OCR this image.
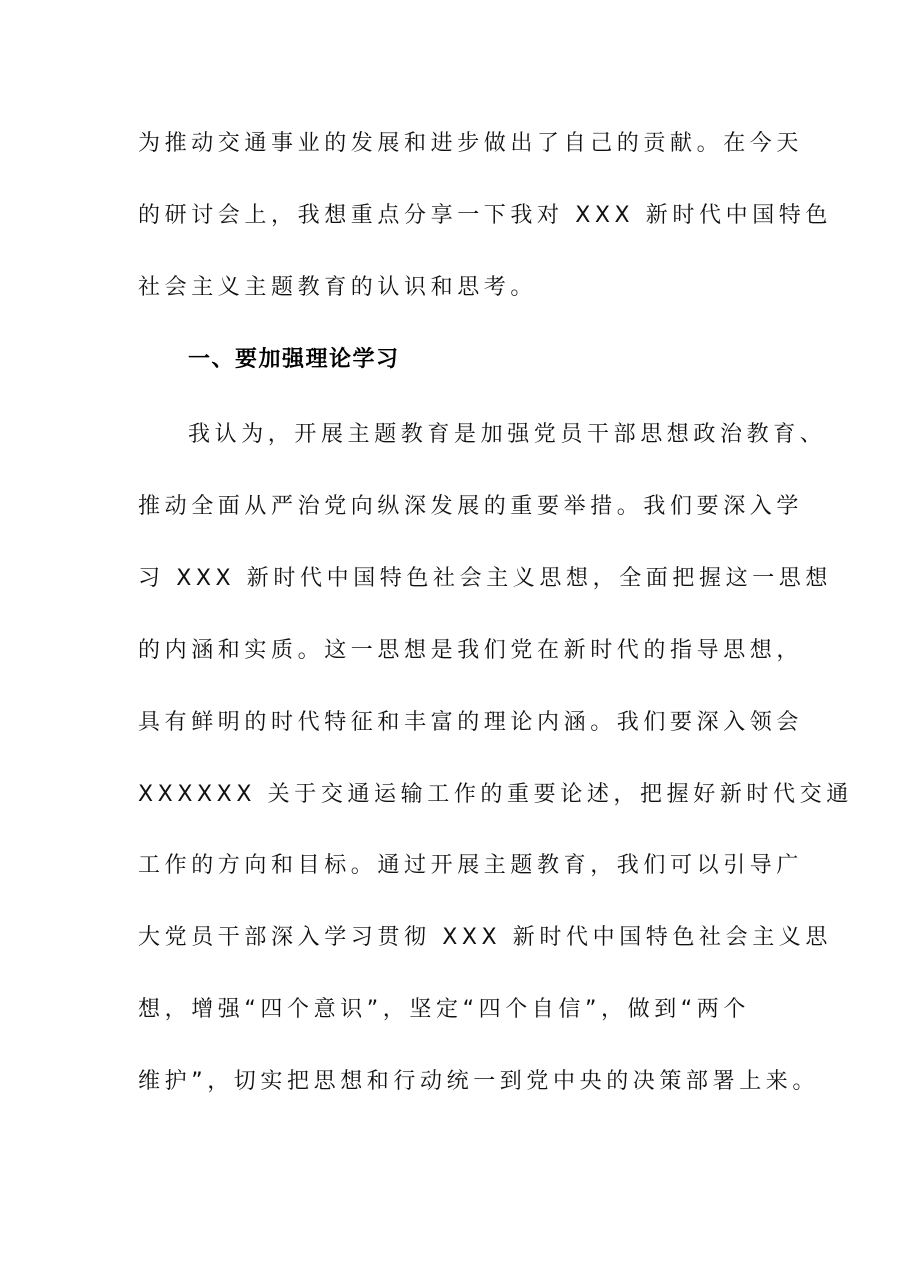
为推动交通事业的发展和进步做出了自己的贡献。在今天
的研讨会上，我想重点分享一下我对 XXX 新时代中国特色
社会主义主题教育的认识和思考。
一、要加强理论学习
我认为，开展主题教育是加强党员干部思想政治教育、
推动全面从严治党向纵深发展的重要举措。我们要深入学
习 XXX 新时代中国特色社会主义思想，全面把握这一思想
的内涵和实质。这一思想是我们党在新时代的指导思想，
具有鲜明的时代特征和丰富的理论内涵。我们要深入领会
XXXXXX 关于交通运输工作的重要论述，把握好新时代交通
工作的方向和目标。通过开展主题教育，我们可以引导广
大党员干部深入学习贯彻 XXX 新时代中国特色社会主义思
想，增强“四个意识”，坚定“四个自信”，做到“两个
维护”，切实把思想和行动统一到党中央的决策部署上来。
